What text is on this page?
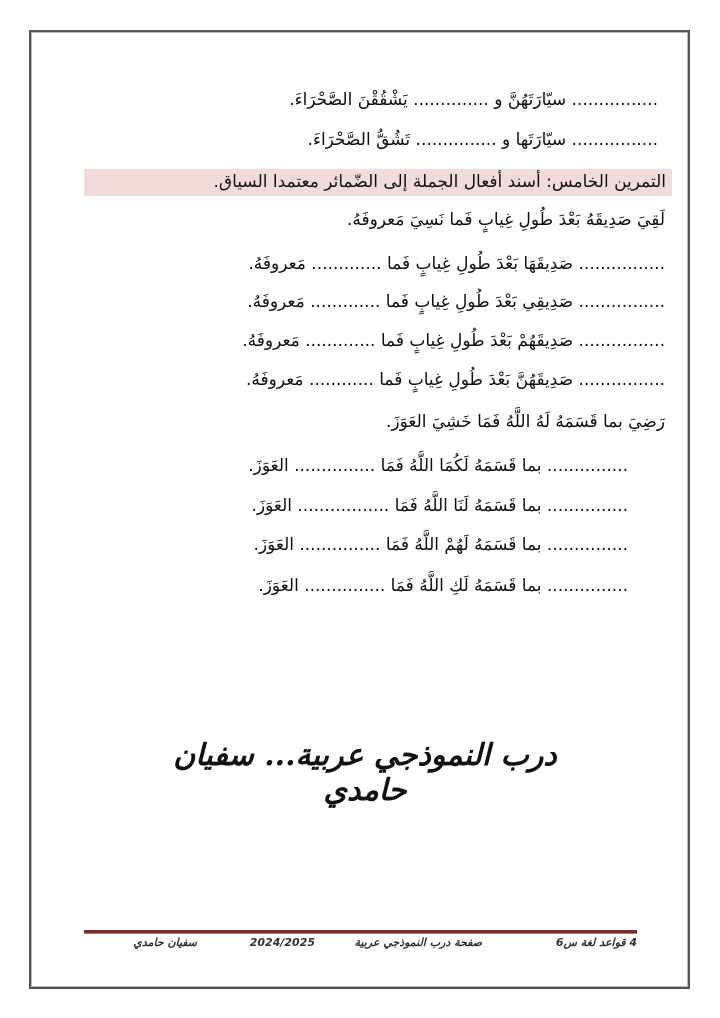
................ سيّارَتَهُنَّ و .............. يَشْقُقْنَ الصَّحْرَاءَ.
................ سيّارَتَها و ............... تَشُقُّ الصَّحْرَاءَ.
التمرين الخامس: أسند أفعال الجملة إلى الضّمائر معتمدا السياق.
لَقِيَ صَدِيقَهُ بَعْدَ طُولِ غِيابٍ فَما نَسِيَ مَعروفَهُ.
................ صَدِيقَهَا بَعْدَ طُولِ غِيابٍ فَما ............. مَعروفَهُ.
................ صَدِيقِي بَعْدَ طُولِ غِيابٍ فَما ............. مَعروفَهُ.
................ صَدِيقَهُمْ بَعْدَ طُولِ غِيابٍ فَما ............. مَعروفَهُ.
................ صَدِيقَهُنَّ بَعْدَ طُولِ غِيابٍ فَما ............ مَعروفَهُ.
رَضِيَ بما قَسَمَهُ لَهُ اللَّهُ فَمَا خَشِيَ العَوَزَ.
............... بما قَسَمَهُ لَكُمَا اللَّهُ فَمَا ............... العَوَزَ.
............... بما قَسَمَهُ لَنَا اللَّهُ فَمَا ................. العَوَزَ.
............... بما قَسَمَهُ لَهُمْ اللَّهُ فَمَا ............... العَوَزَ.
............... بما قَسَمَهُ لَكِ اللَّهُ فَمَا ............... العَوَزَ.
درب النموذجي عربية... سفيان حامدي
4 قواعد لغة س6
صفحة درب النموذجي عربية
2024/2025
سفيان حامدي
